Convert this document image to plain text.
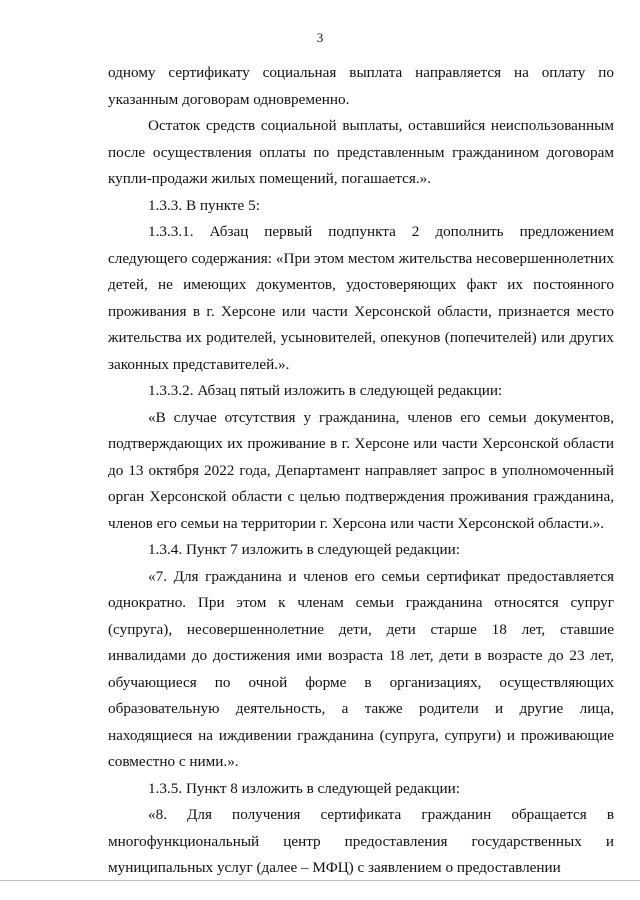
3

одному сертификату социальная выплата направляется на оплату по указанным договорам одновременно.

Остаток средств социальной выплаты, оставшийся неиспользованным после осуществления оплаты по представленным гражданином договорам купли-продажи жилых помещений, погашается.».

1.3.3. В пункте 5:

1.3.3.1. Абзац первый подпункта 2 дополнить предложением следующего содержания: «При этом местом жительства несовершеннолетних детей, не имеющих документов, удостоверяющих факт их постоянного проживания в г. Херсоне или части Херсонской области, признается место жительства их родителей, усыновителей, опекунов (попечителей) или других законных представителей.».

1.3.3.2. Абзац пятый изложить в следующей редакции:

«В случае отсутствия у гражданина, членов его семьи документов, подтверждающих их проживание в г. Херсоне или части Херсонской области до 13 октября 2022 года, Департамент направляет запрос в уполномоченный орган Херсонской области с целью подтверждения проживания гражданина, членов его семьи на территории г. Херсона или части Херсонской области.».

1.3.4. Пункт 7 изложить в следующей редакции:

«7. Для гражданина и членов его семьи сертификат предоставляется однократно. При этом к членам семьи гражданина относятся супруг (супруга), несовершеннолетние дети, дети старше 18 лет, ставшие инвалидами до достижения ими возраста 18 лет, дети в возрасте до 23 лет, обучающиеся по очной форме в организациях, осуществляющих образовательную деятельность, а также родители и другие лица, находящиеся на иждивении гражданина (супруга, супруги) и проживающие совместно с ними.».

1.3.5. Пункт 8 изложить в следующей редакции:

«8. Для получения сертификата гражданин обращается в многофункциональный центр предоставления государственных и муниципальных услуг (далее – МФЦ) с заявлением о предоставлении
